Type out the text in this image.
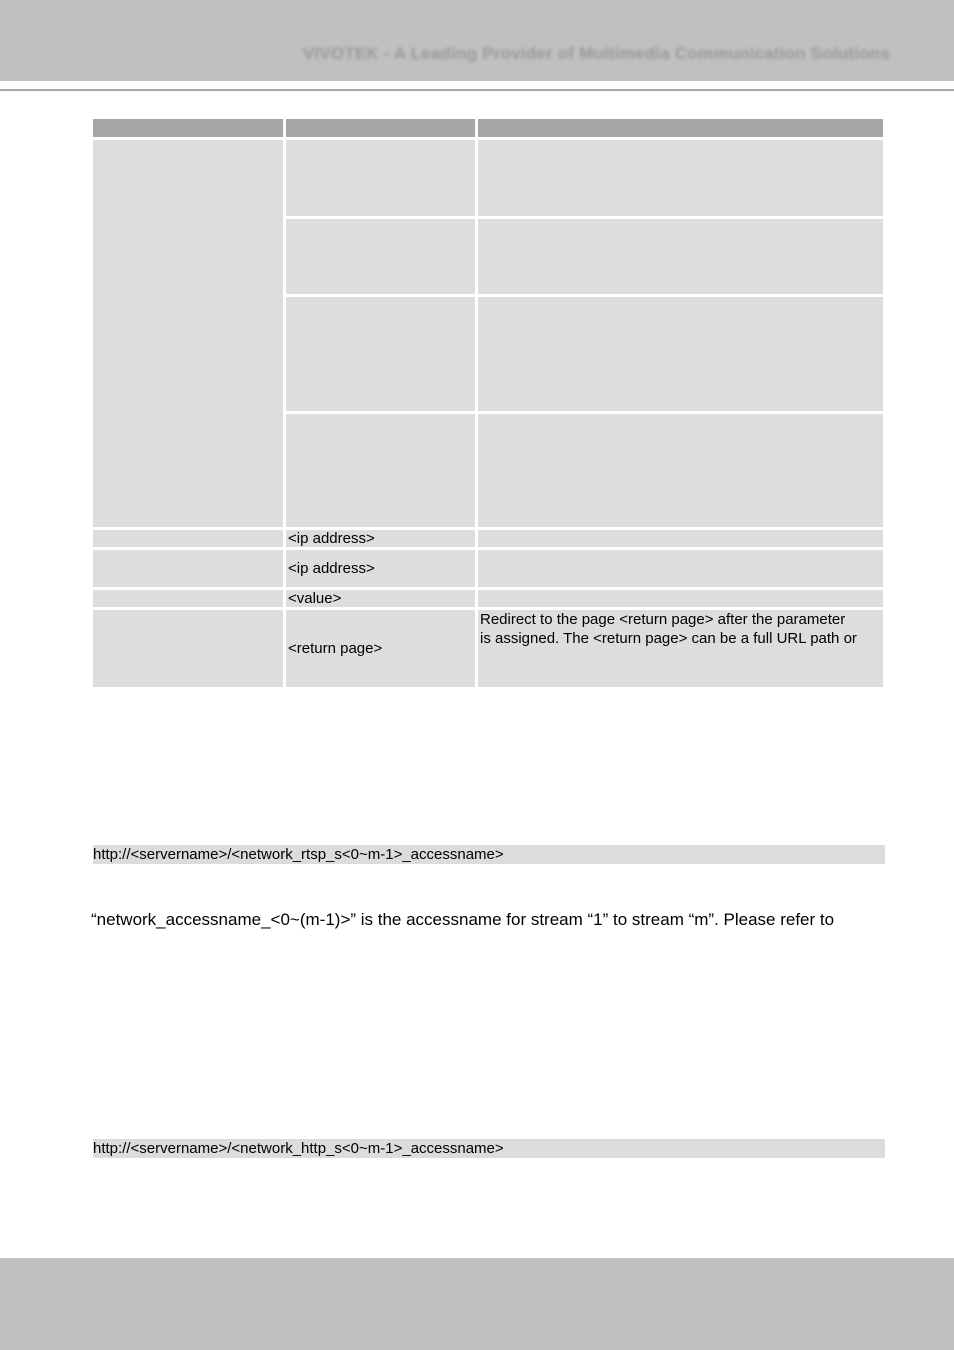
VIVOTEK - A Leading Provider of Multimedia Communication Solutions
<ip address>
<ip address>
<value>
<return page>
Redirect to the page <return page> after the parameter
is assigned. The <return page> can be a full URL path or
http://<servername>/<network_rtsp_s<0~m-1>_accessname>
“network_accessname_<0~(m-1)>” is the accessname for stream “1” to stream “m”. Please refer to
http://<servername>/<network_http_s<0~m-1>_accessname>
